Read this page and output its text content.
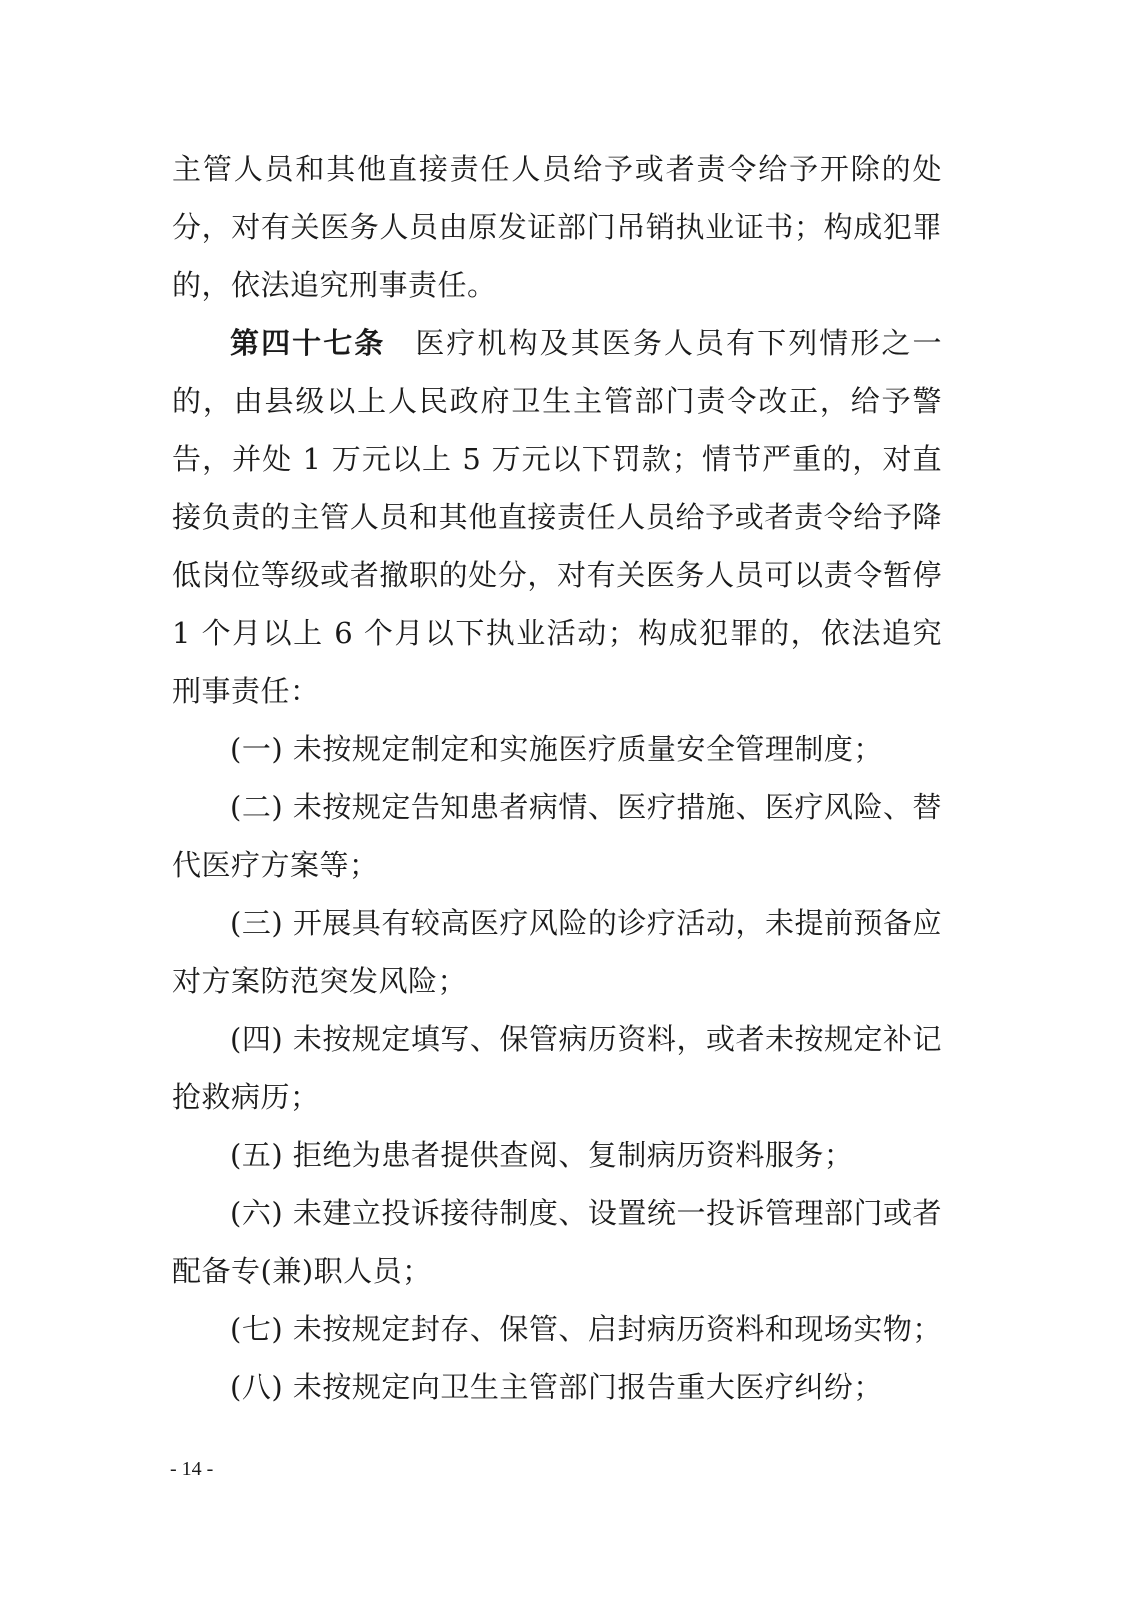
主管人员和其他直接责任人员给予或者责令给予开除的处分，对有关医务人员由原发证部门吊销执业证书；构成犯罪的，依法追究刑事责任。

第四十七条 医疗机构及其医务人员有下列情形之一的，由县级以上人民政府卫生主管部门责令改正，给予警告，并处 1 万元以上 5 万元以下罚款；情节严重的，对直接负责的主管人员和其他直接责任人员给予或者责令给予降低岗位等级或者撤职的处分，对有关医务人员可以责令暂停 1 个月以上 6 个月以下执业活动；构成犯罪的，依法追究刑事责任：

(一) 未按规定制定和实施医疗质量安全管理制度；

(二) 未按规定告知患者病情、医疗措施、医疗风险、替代医疗方案等；

(三) 开展具有较高医疗风险的诊疗活动，未提前预备应对方案防范突发风险；

(四) 未按规定填写、保管病历资料，或者未按规定补记抢救病历；

(五) 拒绝为患者提供查阅、复制病历资料服务；

(六) 未建立投诉接待制度、设置统一投诉管理部门或者配备专(兼)职人员；

(七) 未按规定封存、保管、启封病历资料和现场实物；

(八) 未按规定向卫生主管部门报告重大医疗纠纷；

- 14 -
